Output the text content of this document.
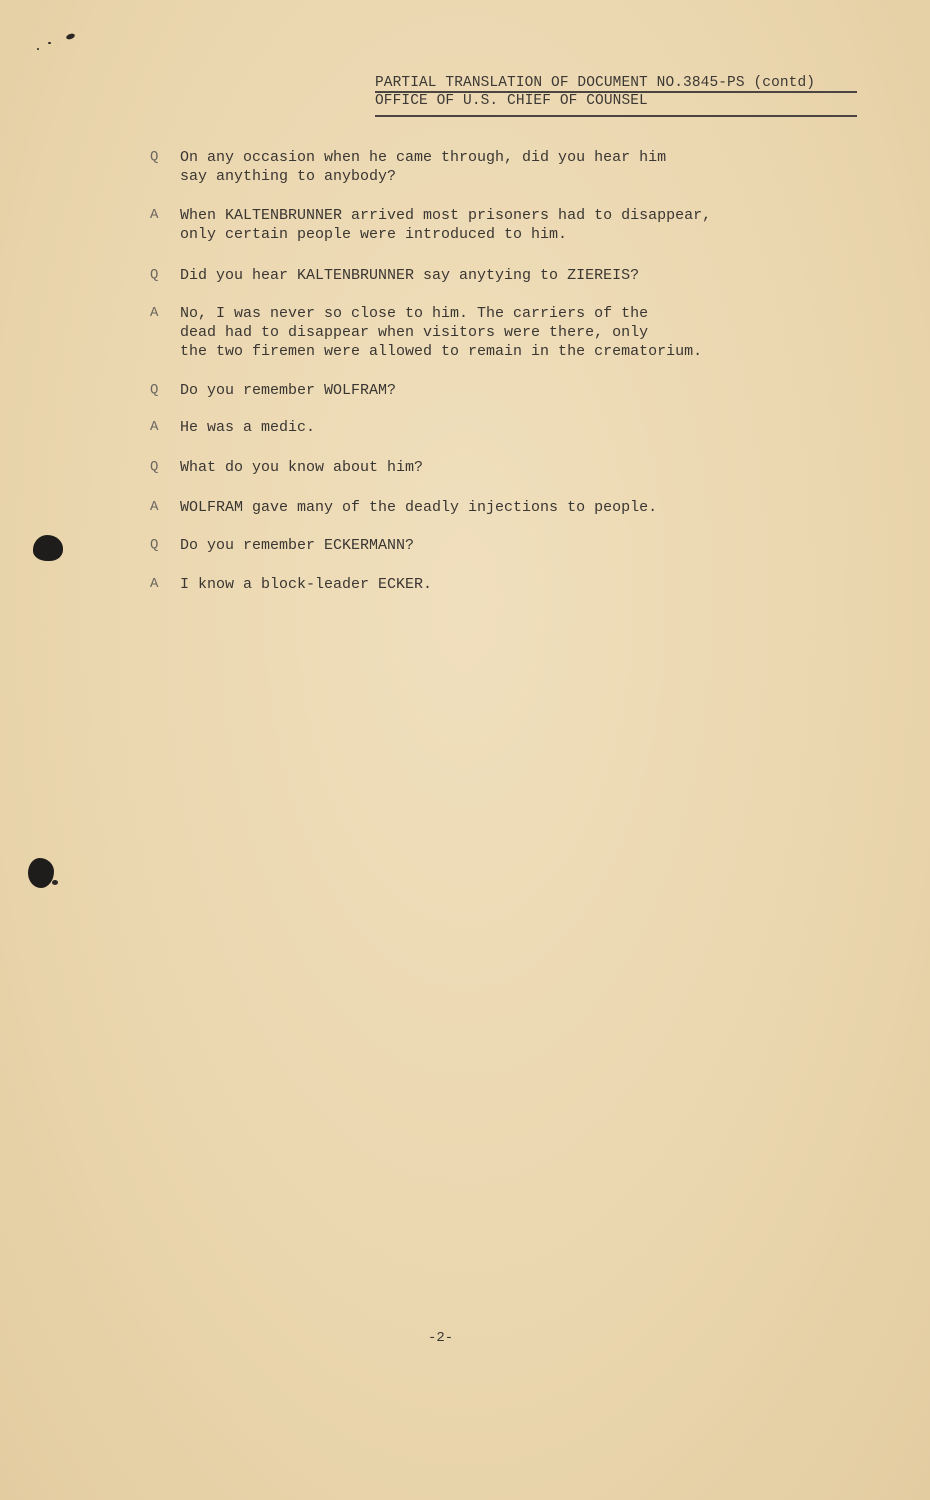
PARTIAL TRANSLATION OF DOCUMENT NO.3845-PS (contd)
OFFICE OF U.S. CHIEF OF COUNSEL
Q	On any occasion when he came through, did you hear him
say anything to anybody?
A	When KALTENBRUNNER arrived most prisoners had to disappear,
only certain people were introduced to him.
Q	Did you hear KALTENBRUNNER say anytying to ZIEREIS?
A	No, I was never so close to him. The carriers of the
dead had to disappear when visitors were there, only
the two firemen were allowed to remain in the crematorium.
Q	Do you remember WOLFRAM?
A	He was a medic.
Q	What do you know about him?
A	WOLFRAM gave many of the deadly injections to people.
Q	Do you remember ECKERMANN?
A	I know a block-leader ECKER.
-2-
